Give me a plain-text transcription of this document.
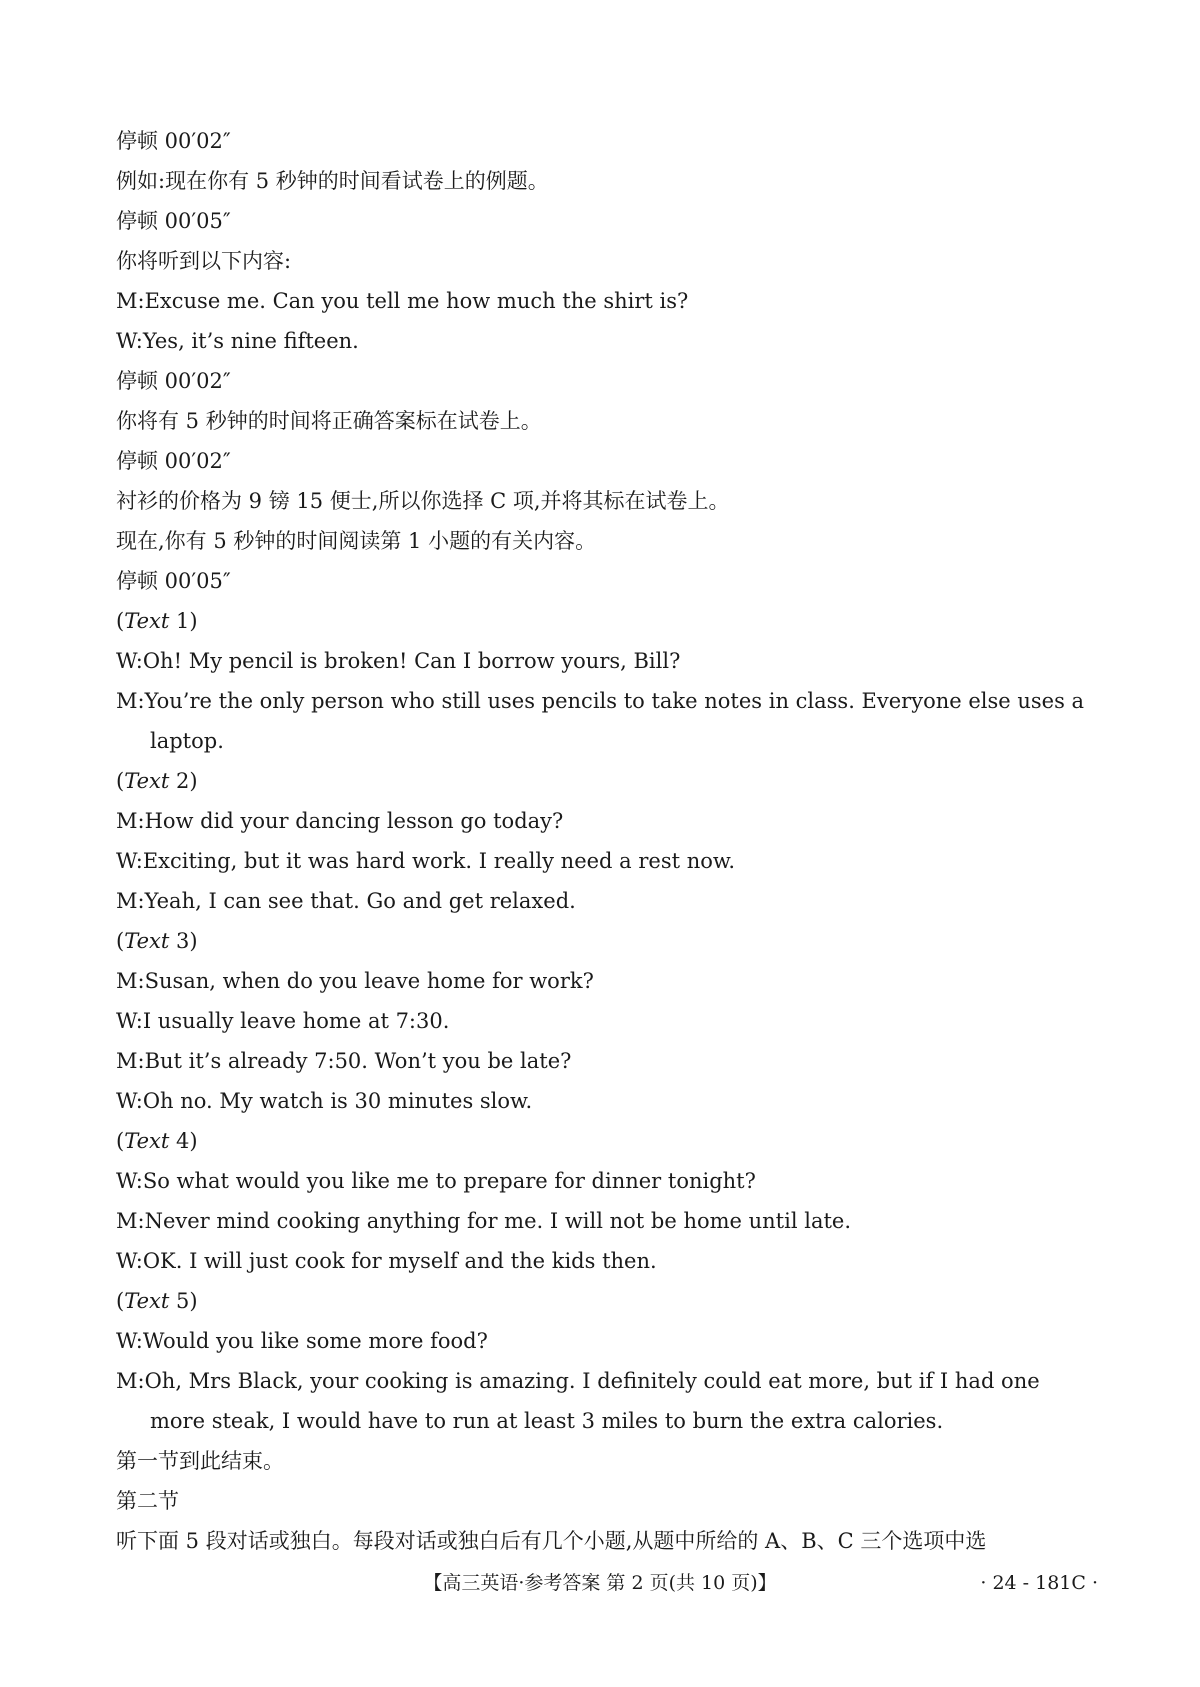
停顿 00′02″
例如:现在你有 5 秒钟的时间看试卷上的例题。
停顿 00′05″
你将听到以下内容:
M:Excuse me. Can you tell me how much the shirt is?
W:Yes, it’s nine fifteen.
停顿 00′02″
你将有 5 秒钟的时间将正确答案标在试卷上。
停顿 00′02″
衬衫的价格为 9 镑 15 便士,所以你选择 C 项,并将其标在试卷上。
现在,你有 5 秒钟的时间阅读第 1 小题的有关内容。
停顿 00′05″
(Text 1)
W:Oh! My pencil is broken! Can I borrow yours, Bill?
M:You’re the only person who still uses pencils to take notes in class. Everyone else uses a laptop.
(Text 2)
M:How did your dancing lesson go today?
W:Exciting, but it was hard work. I really need a rest now.
M:Yeah, I can see that. Go and get relaxed.
(Text 3)
M:Susan, when do you leave home for work?
W:I usually leave home at 7:30.
M:But it’s already 7:50. Won’t you be late?
W:Oh no. My watch is 30 minutes slow.
(Text 4)
W:So what would you like me to prepare for dinner tonight?
M:Never mind cooking anything for me. I will not be home until late.
W:OK. I will just cook for myself and the kids then.
(Text 5)
W:Would you like some more food?
M:Oh, Mrs Black, your cooking is amazing. I definitely could eat more, but if I had one more steak, I would have to run at least 3 miles to burn the extra calories.
第一节到此结束。
第二节
听下面 5 段对话或独白。每段对话或独白后有几个小题,从题中所给的 A、B、C 三个选项中选
【高三英语·参考答案 第 2 页(共 10 页)】	· 24 - 181C ·
